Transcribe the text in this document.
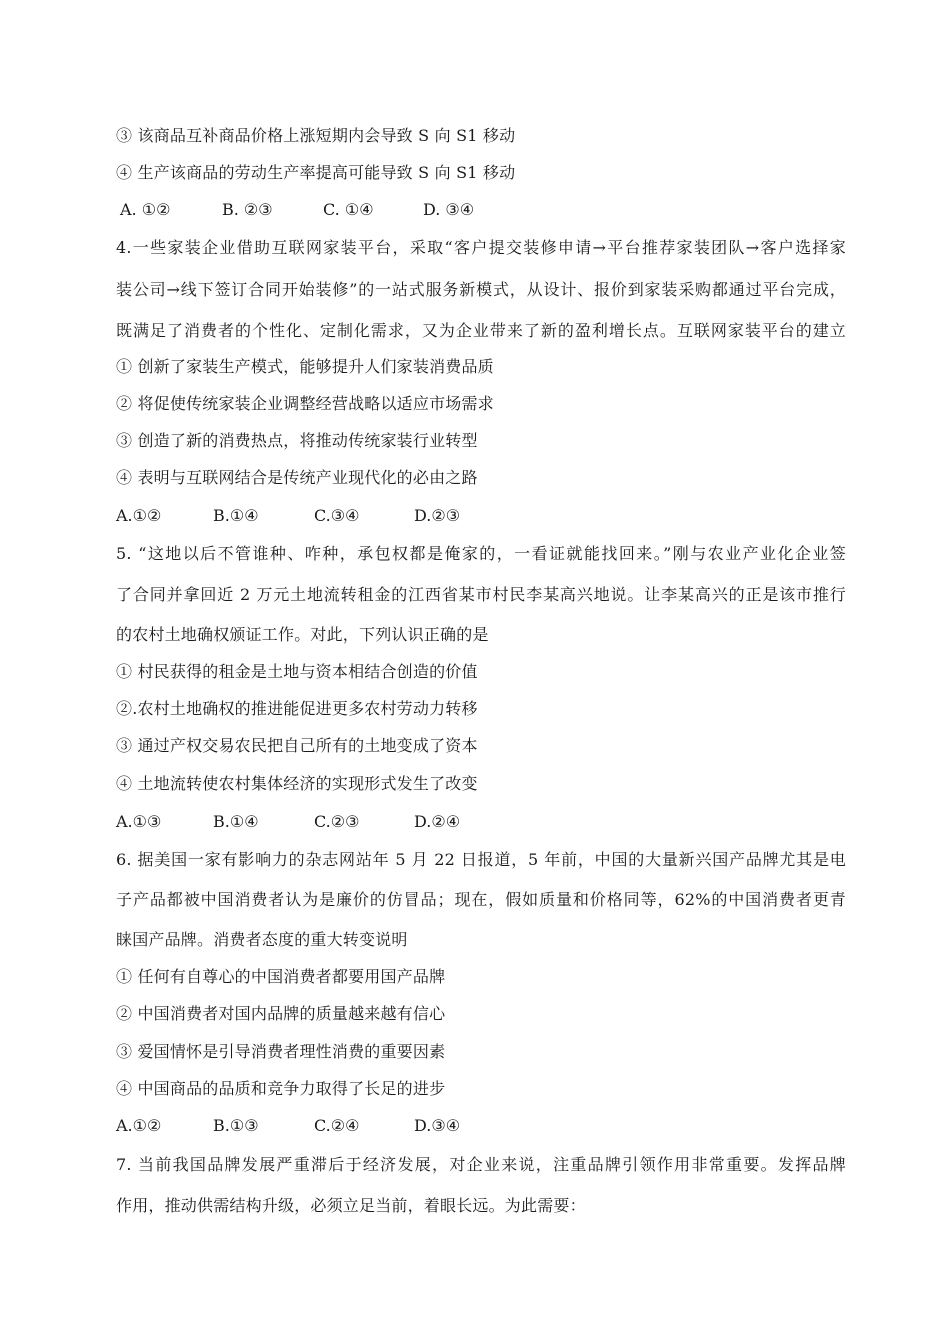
③ 该商品互补商品价格上涨短期内会导致 S 向 S1 移动
④ 生产该商品的劳动生产率提高可能导致 S 向 S1 移动
A. ①②	B. ②③	C. ①④	D. ③④
4.一些家装企业借助互联网家装平台，采取“客户提交装修申请→平台推荐家装团队→客户选择家
装公司→线下签订合同开始装修”的一站式服务新模式，从设计、报价到家装采购都通过平台完成，
既满足了消费者的个性化、定制化需求，又为企业带来了新的盈利增长点。互联网家装平台的建立
① 创新了家装生产模式，能够提升人们家装消费品质
② 将促使传统家装企业调整经营战略以适应市场需求
③ 创造了新的消费热点，将推动传统家装行业转型
④ 表明与互联网结合是传统产业现代化的必由之路
A.①②	B.①④	C.③④	D.②③
5. “这地以后不管谁种、咋种，承包权都是俺家的，一看证就能找回来。”刚与农业产业化企业签
了合同并拿回近 2 万元土地流转租金的江西省某市村民李某高兴地说。让李某高兴的正是该市推行
的农村土地确权颁证工作。对此，下列认识正确的是
① 村民获得的租金是土地与资本相结合创造的价值
②.农村土地确权的推进能促进更多农村劳动力转移
③ 通过产权交易农民把自己所有的土地变成了资本
④ 土地流转使农村集体经济的实现形式发生了改变
A.①③	B.①④	C.②③	D.②④
6. 据美国一家有影响力的杂志网站年 5 月 22 日报道，5 年前，中国的大量新兴国产品牌尤其是电
子产品都被中国消费者认为是廉价的仿冒品；现在，假如质量和价格同等，62%的中国消费者更青
睐国产品牌。消费者态度的重大转变说明
① 任何有自尊心的中国消费者都要用国产品牌
② 中国消费者对国内品牌的质量越来越有信心
③ 爱国情怀是引导消费者理性消费的重要因素
④ 中国商品的品质和竞争力取得了长足的进步
A.①②	B.①③	C.②④	D.③④
7. 当前我国品牌发展严重滞后于经济发展，对企业来说，注重品牌引领作用非常重要。发挥品牌
作用，推动供需结构升级，必须立足当前，着眼长远。为此需要：
